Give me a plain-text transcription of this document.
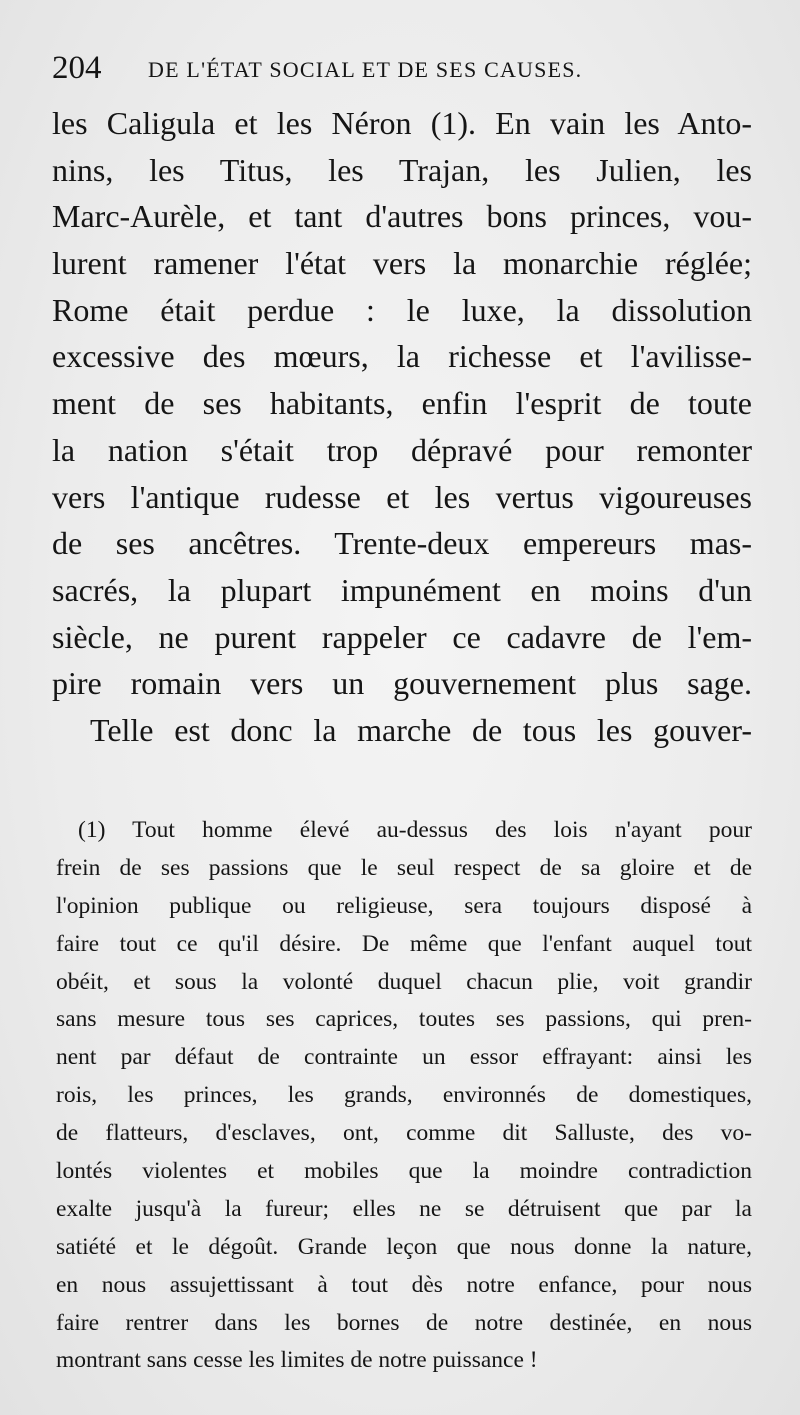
204 DE L'ÉTAT SOCIAL ET DE SES CAUSES.
les Caligula et les Néron (1). En vain les Anto-
nins, les Titus, les Trajan, les Julien, les
Marc-Aurèle, et tant d'autres bons princes, vou-
lurent ramener l'état vers la monarchie réglée;
Rome était perdue : le luxe, la dissolution
excessive des mœurs, la richesse et l'avilisse-
ment de ses habitants, enfin l'esprit de toute
la nation s'était trop dépravé pour remonter
vers l'antique rudesse et les vertus vigoureuses
de ses ancêtres. Trente-deux empereurs mas-
sacrés, la plupart impunément en moins d'un
siècle, ne purent rappeler ce cadavre de l'em-
pire romain vers un gouvernement plus sage.
Telle est donc la marche de tous les gouver-
(1) Tout homme élevé au-dessus des lois n'ayant pour
frein de ses passions que le seul respect de sa gloire et de
l'opinion publique ou religieuse, sera toujours disposé à
faire tout ce qu'il désire. De même que l'enfant auquel tout
obéit, et sous la volonté duquel chacun plie, voit grandir
sans mesure tous ses caprices, toutes ses passions, qui pren-
nent par défaut de contrainte un essor effrayant: ainsi les
rois, les princes, les grands, environnés de domestiques,
de flatteurs, d'esclaves, ont, comme dit Salluste, des vo-
lontés violentes et mobiles que la moindre contradiction
exalte jusqu'à la fureur; elles ne se détruisent que par la
satiété et le dégoût. Grande leçon que nous donne la nature,
en nous assujettissant à tout dès notre enfance, pour nous
faire rentrer dans les bornes de notre destinée, en nous
montrant sans cesse les limites de notre puissance !
